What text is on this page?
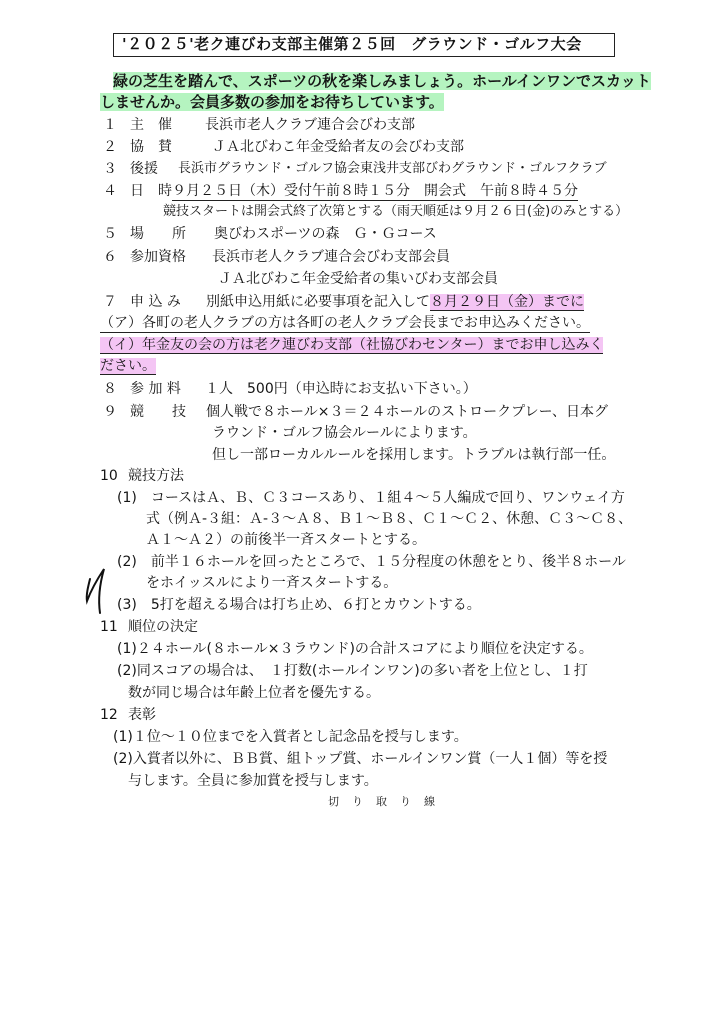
'２０２５'老ク連びわ支部主催第２５回　グラウンド・ゴルフ大会
緑の芝生を踏んで、スポーツの秋を楽しみましょう。ホールインワンでスカット
しませんか。会員多数の参加をお待ちしています。
１ 主　催 長浜市老人クラブ連合会びわ支部
２ 協　賛	ＪＡ北びわこ年金受給者友の会びわ支部
３ 後援 長浜市グラウンド・ゴルフ協会東浅井支部びわグラウンド・ゴルフクラブ
４ 日　時 ９月２５日（木）受付午前８時１５分　開会式　午前８時４５分
競技スタートは開会式終了次第とする（雨天順延は９月２６日(金)のみとする）
５ 場　　所 奥びわスポーツの森　Ｇ・Ｇコース
６ 参加資格 長浜市老人クラブ連合会びわ支部会員
ＪＡ北びわこ年金受給者の集いびわ支部会員
７ 申 込 み 別紙申込用紙に必要事項を記入して８月２９日（金）までに
（ア）各町の老人クラブの方は各町の老人クラブ会長までお申込みください。
（イ）年金友の会の方は老ク連びわ支部（社協びわセンター）までお申し込みく
ださい。
８ 参 加 料 １人　500円（申込時にお支払い下さい。）
９ 競　　技 個人戦で８ホール×３＝２４ホールのストロークプレー、日本グ
ラウンド・ゴルフ協会ルールによります。
但し一部ローカルルールを採用します。トラブルは執行部一任。
10 競技方法
(1)　コースはＡ、Ｂ、Ｃ３コースあり、１組４～５人編成で回り、ワンウェイ方
式（例Ａ-３組：Ａ-３～Ａ８、Ｂ１～Ｂ８、Ｃ１～Ｃ２、休憩、Ｃ３～Ｃ８、
Ａ１～Ａ２）の前後半一斉スタートとする。
(2)　前半１６ホールを回ったところで、１５分程度の休憩をとり、後半８ホール
をホイッスルにより一斉スタートする。
(3)　5打を超える場合は打ち止め、６打とカウントする。
11 順位の決定
(1)２４ホール(８ホール×３ラウンド)の合計スコアにより順位を決定する。
(2)同スコアの場合は、　１打数(ホールインワン)の多い者を上位とし、１打
数が同じ場合は年齢上位者を優先する。
12 表彰
(1)１位～１０位までを入賞者とし記念品を授与します。
(2)入賞者以外に、ＢＢ賞、組トップ賞、ホールインワン賞（一人１個）等を授
与します。全員に参加賞を授与します。
切　り　取　り　線
